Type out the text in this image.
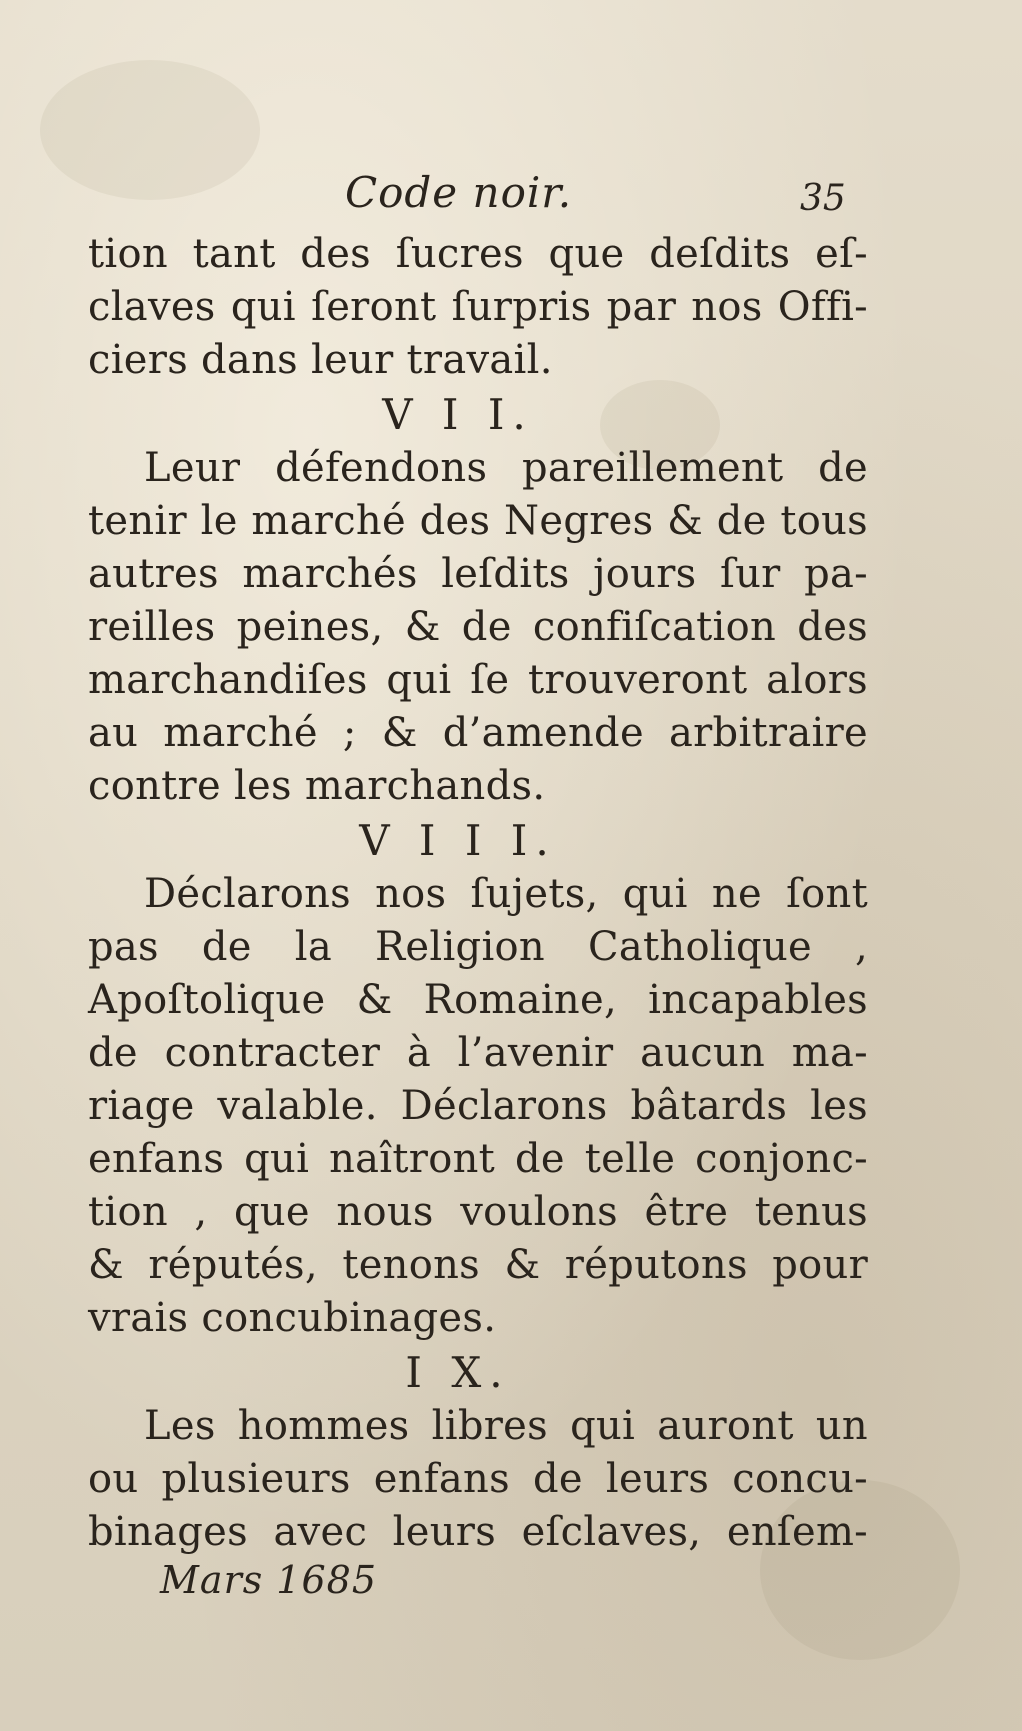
Code noir.	35
tion tant des ſucres que deſdits eſ-
claves qui ſeront ſurpris par nos Offi-
ciers dans leur travail.
V I I.
Leur défendons pareillement de
tenir le marché des Negres & de tous
autres marchés leſdits jours ſur pa-
reilles peines, & de confiſcation des
marchandiſes qui ſe trouveront alors
au marché ; & d’amende arbitraire
contre les marchands.
V I I I.
Déclarons nos ſujets, qui ne ſont
pas de la Religion Catholique ,
Apoſtolique & Romaine, incapables
de contracter à l’avenir aucun ma-
riage valable. Déclarons bâtards les
enfans qui naîtront de telle conjonc-
tion , que nous voulons être tenus
& réputés, tenons & réputons pour
vrais concubinages.
I X.
Les hommes libres qui auront un
ou plusieurs enfans de leurs concu-
binages avec leurs eſclaves, enſem-
Mars 1685
